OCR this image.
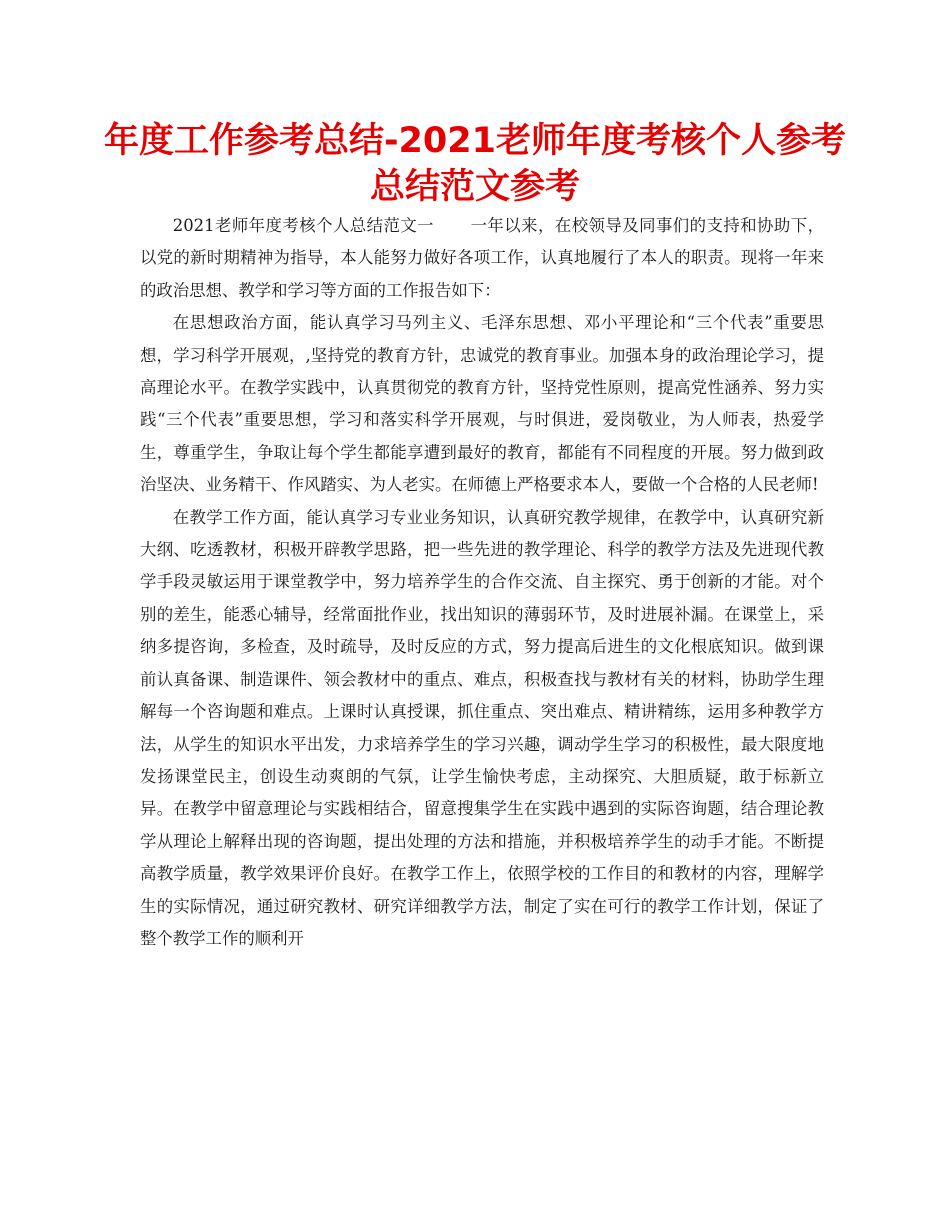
年度工作参考总结-2021老师年度考核个人参考
总结范文参考

2021老师年度考核个人总结范文一 一年以来，在校领导及同事们的支持和协助下，以党的新时期精神为指导，本人能努力做好各项工作，认真地履行了本人的职责。现将一年来的政治思想、教学和学习等方面的工作报告如下：

在思想政治方面，能认真学习马列主义、毛泽东思想、邓小平理论和“三个代表”重要思想，学习科学开展观，,坚持党的教育方针，忠诚党的教育事业。加强本身的政治理论学习，提高理论水平。在教学实践中，认真贯彻党的教育方针，坚持党性原则，提高党性涵养、努力实践“三个代表”重要思想，学习和落实科学开展观，与时俱进，爱岗敬业，为人师表，热爱学生，尊重学生，争取让每个学生都能享遭到最好的教育，都能有不同程度的开展。努力做到政治坚决、业务精干、作风踏实、为人老实。在师德上严格要求本人，要做一个合格的人民老师!

在教学工作方面，能认真学习专业业务知识，认真研究教学规律，在教学中，认真研究新大纲、吃透教材，积极开辟教学思路，把一些先进的教学理论、科学的教学方法及先进现代教学手段灵敏运用于课堂教学中，努力培养学生的合作交流、自主探究、勇于创新的才能。对个别的差生，能悉心辅导，经常面批作业，找出知识的薄弱环节，及时进展补漏。在课堂上，采纳多提咨询，多检查，及时疏导，及时反应的方式，努力提高后进生的文化根底知识。做到课前认真备课、制造课件、领会教材中的重点、难点，积极查找与教材有关的材料，协助学生理解每一个咨询题和难点。上课时认真授课，抓住重点、突出难点、精讲精练，运用多种教学方法，从学生的知识水平出发，力求培养学生的学习兴趣，调动学生学习的积极性，最大限度地发扬课堂民主，创设生动爽朗的气氛，让学生愉快考虑，主动探究、大胆质疑，敢于标新立异。在教学中留意理论与实践相结合，留意搜集学生在实践中遇到的实际咨询题，结合理论教学从理论上解释出现的咨询题，提出处理的方法和措施，并积极培养学生的动手才能。不断提高教学质量，教学效果评价良好。在教学工作上，依照学校的工作目的和教材的内容，理解学生的实际情况，通过研究教材、研究详细教学方法，制定了实在可行的教学工作计划，保证了整个教学工作的顺利开
